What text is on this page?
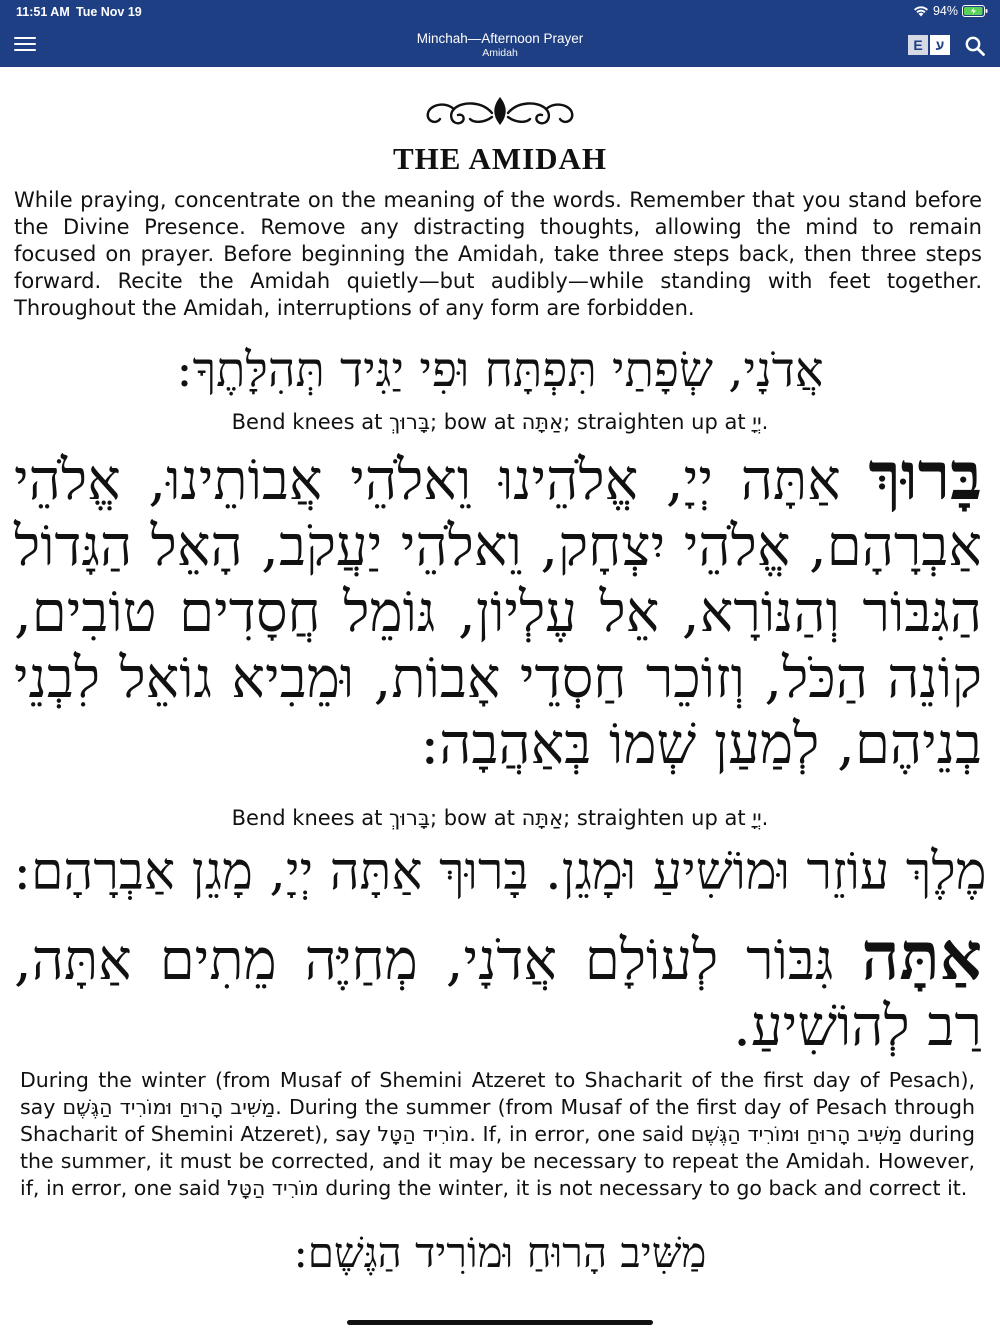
11:51 AM Tue Nov 19	94%
Minchah—Afternoon Prayer
Amidah	E ע
THE AMIDAH
While praying, concentrate on the meaning of the words. Remember that you stand before the Divine Presence. Remove any distracting thoughts, allowing the mind to remain focused on prayer. Before beginning the Amidah, take three steps back, then three steps forward. Recite the Amidah quietly—but audibly—while standing with feet together. Throughout the Amidah, interruptions of any form are forbidden.
אֲדֹנָי, שְׂפָתַי תִּפְתָּח וּפִי יַגִּיד תְּהִלָּתֶךָ:
Bend knees at בָּרוּךְ; bow at אַתָּה; straighten up at יְיָ.
בָּרוּךְ אַתָּה יְיָ, אֱלֹהֵינוּ וֵאלֹהֵי אֲבוֹתֵינוּ, אֱלֹהֵי אַבְרָהָם, אֱלֹהֵי יִצְחָק, וֵאלֹהֵי יַעֲקֹב, הָאֵל הַגָּדוֹל הַגִּבּוֹר וְהַנּוֹרָא, אֵל עֶלְיוֹן, גּוֹמֵל חֲסָדִים טוֹבִים, קוֹנֵה הַכֹּל, וְזוֹכֵר חַסְדֵי אָבוֹת, וּמֵבִיא גוֹאֵל לִבְנֵי בְנֵיהֶם, לְמַעַן שְׁמוֹ בְּאַהֲבָה:
Bend knees at בָּרוּךְ; bow at אַתָּה; straighten up at יְיָ.
מֶלֶךְ עוֹזֵר וּמוֹשִׁיעַ וּמָגֵן. בָּרוּךְ אַתָּה יְיָ, מָגֵן אַבְרָהָם:
אַתָּה גִּבּוֹר לְעוֹלָם אֲדֹנָי, מְחַיֶּה מֵתִים אַתָּה, רַב לְהוֹשִׁיעַ.
During the winter (from Musaf of Shemini Atzeret to Shacharit of the first day of Pesach), say מַשִּׁיב הָרוּחַ וּמוֹרִיד הַגֶּשֶׁם. During the summer (from Musaf of the first day of Pesach through Shacharit of Shemini Atzeret), say מוֹרִיד הַטָּל. If, in error, one said מַשִּׁיב הָרוּחַ וּמוֹרִיד הַגֶּשֶׁם during the summer, it must be corrected, and it may be necessary to repeat the Amidah. However, if, in error, one said מוֹרִיד הַטָּל during the winter, it is not necessary to go back and correct it.
מַשִּׁיב הָרוּחַ וּמוֹרִיד הַגֶּשֶׁם:
